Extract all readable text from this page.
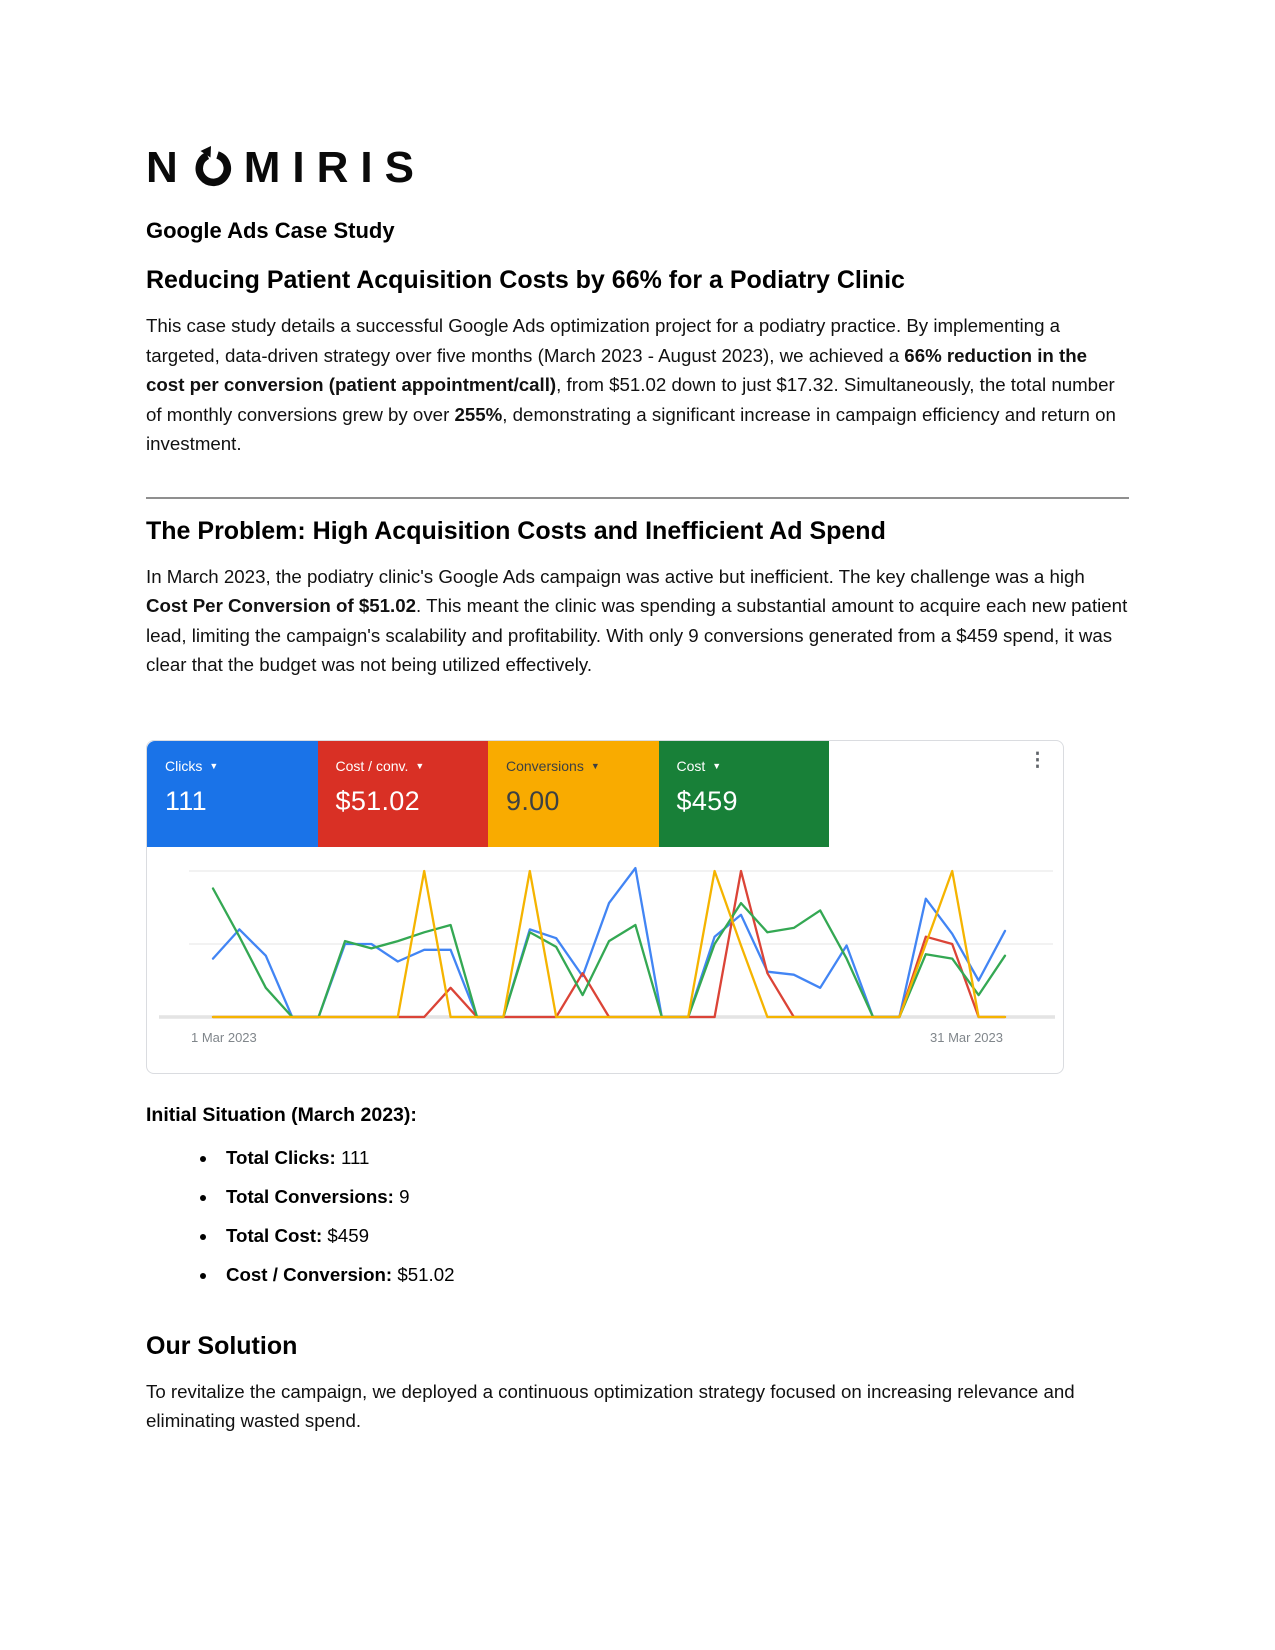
N MIRIS
Google Ads Case Study
Reducing Patient Acquisition Costs by 66% for a Podiatry Clinic

This case study details a successful Google Ads optimization project for a podiatry practice. By implementing a targeted, data-driven strategy over five months (March 2023 - August 2023), we achieved a 66% reduction in the cost per conversion (patient appointment/call), from $51.02 down to just $17.32. Simultaneously, the total number of monthly conversions grew by over 255%, demonstrating a significant increase in campaign efficiency and return on investment.

The Problem: High Acquisition Costs and Inefficient Ad Spend

In March 2023, the podiatry clinic's Google Ads campaign was active but inefficient. The key challenge was a high Cost Per Conversion of $51.02. This meant the clinic was spending a substantial amount to acquire each new patient lead, limiting the campaign's scalability and profitability. With only 9 conversions generated from a $459 spend, it was clear that the budget was not being utilized effectively.

Clicks ▼
111
Cost / conv. ▼
$51.02
Conversions ▼
9.00
Cost ▼
$459
⋮
1 Mar 2023	31 Mar 2023
Initial Situation (March 2023):
• Total Clicks: 111
• Total Conversions: 9
• Total Cost: $459
• Cost / Conversion: $51.02
Our Solution

To revitalize the campaign, we deployed a continuous optimization strategy focused on increasing relevance and eliminating wasted spend.
